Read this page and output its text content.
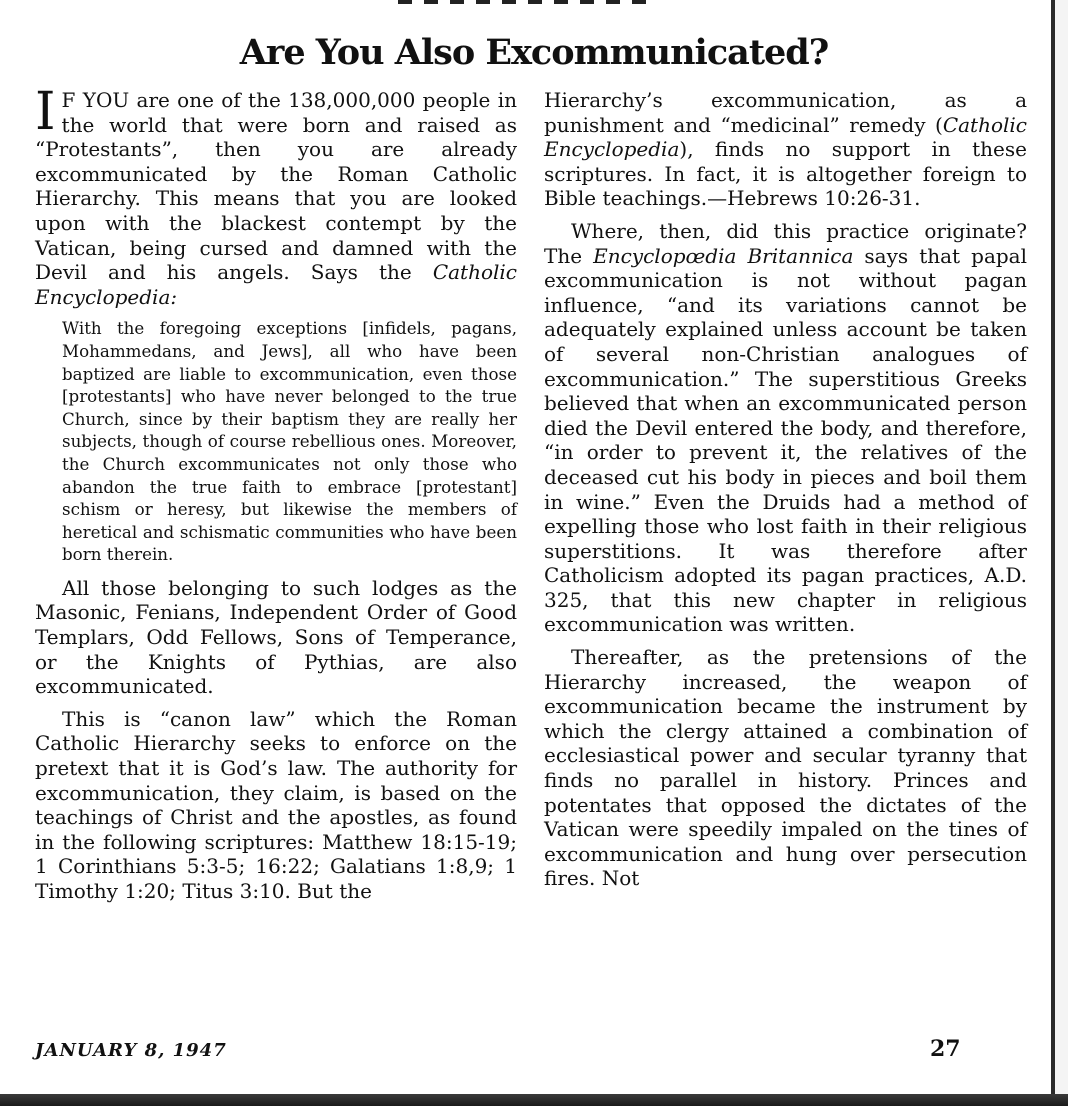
Are You Also Excommunicated?

I F YOU are one of the 138,000,000 people in the world that were born and raised as “Protestants”, then you are already excommunicated by the Roman Catholic Hierarchy. This means that you are looked upon with the blackest contempt by the Vatican, being cursed and damned with the Devil and his angels. Says the Catholic Encyclopedia:

With the foregoing exceptions [infidels, pagans, Mohammedans, and Jews], all who have been baptized are liable to excommunication, even those [protestants] who have never belonged to the true Church, since by their baptism they are really her subjects, though of course rebellious ones. Moreover, the Church excommunicates not only those who abandon the true faith to embrace [protestant] schism or heresy, but likewise the members of heretical and schismatic communities who have been born therein.

All those belonging to such lodges as the Masonic, Fenians, Independent Order of Good Templars, Odd Fellows, Sons of Temperance, or the Knights of Pythias, are also excommunicated.

This is “canon law” which the Roman Catholic Hierarchy seeks to enforce on the pretext that it is God’s law. The authority for excommunication, they claim, is based on the teachings of Christ and the apostles, as found in the following scriptures: Matthew 18:15-19; 1 Corinthians 5:3-5; 16:22; Galatians 1:8,9; 1 Timothy 1:20; Titus 3:10. But the

Hierarchy’s excommunication, as a punishment and “medicinal” remedy (Catholic Encyclopedia), finds no support in these scriptures. In fact, it is altogether foreign to Bible teachings.—Hebrews 10:26-31.

Where, then, did this practice originate? The Encyclopœdia Britannica says that papal excommunication is not without pagan influence, “and its variations cannot be adequately explained unless account be taken of several non-Christian analogues of excommunication.” The superstitious Greeks believed that when an excommunicated person died the Devil entered the body, and therefore, “in order to prevent it, the relatives of the deceased cut his body in pieces and boil them in wine.” Even the Druids had a method of expelling those who lost faith in their religious superstitions. It was therefore after Catholicism adopted its pagan practices, A.D. 325, that this new chapter in religious excommunication was written.

Thereafter, as the pretensions of the Hierarchy increased, the weapon of excommunication became the instrument by which the clergy attained a combination of ecclesiastical power and secular tyranny that finds no parallel in history. Princes and potentates that opposed the dictates of the Vatican were speedily impaled on the tines of excommunication and hung over persecution fires. Not

JANUARY 8, 1947	27
